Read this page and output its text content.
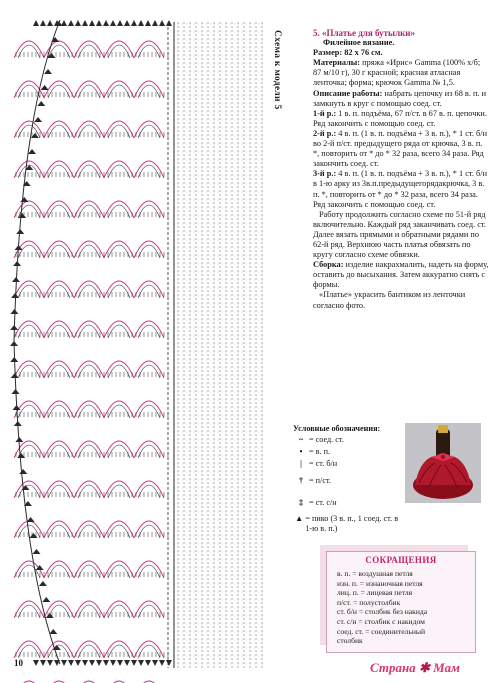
Схема к модели 5	5. «Платье для бутылки»

Филейное вязание.

Размер: 82 х 76 см.

Материалы: пряжа «Ирис» Gamma (100% х/б; 87 м/10 г), 30 г красной; красная атласная ленточка; форма; крючок Gamma № 1,5.

Описание работы: набрать цепочку из 68 в. п. и замкнуть в круг с помощью соед. ст.

1-й р.: 1 в. п. подъёма, 67 п/ст. в 67 в. п. цепочки. Ряд закончить с помощью соед. ст.

2-й р.: 4 в. п. (1 в. п. подъёма + 3 в. п.), * 1 ст. б/н во 2-й п/ст. предыдущего ряда от крючка, 3 в. п. *, повторить от * до * 32 раза, всего 34 раза. Ряд закончить соед. ст.

3-й р.: 4 в. п. (1 в. п. подъёма + 3 в. п.), * 1 ст. б/н в 1-ю арку из 3в.п.предыдущегорядакрючка, 3 в. п. *, повторить от * до * 32 раза, всего 34 раза. Ряд закончить с помощью соед. ст.

Работу продолжить согласно схеме по 51-й ряд включительно. Каждый ряд заканчивать соед. ст. Далее вязать прямыми и обратными рядами по 62-й ряд. Верхнюю часть платья обвязать по кругу согласно схеме обвязки.

Сборка: изделие накрахмалить, надеть на форму, оставить до высыхания. Затем аккуратно снять с формы.

«Платье» украсить бантиком из ленточки согласно фото.

Условные обозначения:
~ = соед. ст.
• = в. п.
| = ст. б/н
† = п/ст.
‡ = ст. с/н
▲ = пико (3 в. п., 1 соед. ст. в 1-ю в. п.)
СОКРАЩЕНИЯ
в. п. = воздушная петля
изн. п. = изнаночная петля
лиц. п. = лицевая петля
п/ст. = полустолбик
ст. б/н = столбик без накида
ст. с/н = столбик с накидом
соед. ст. = соединительный
столбик
10	Страна ✱ Мам
